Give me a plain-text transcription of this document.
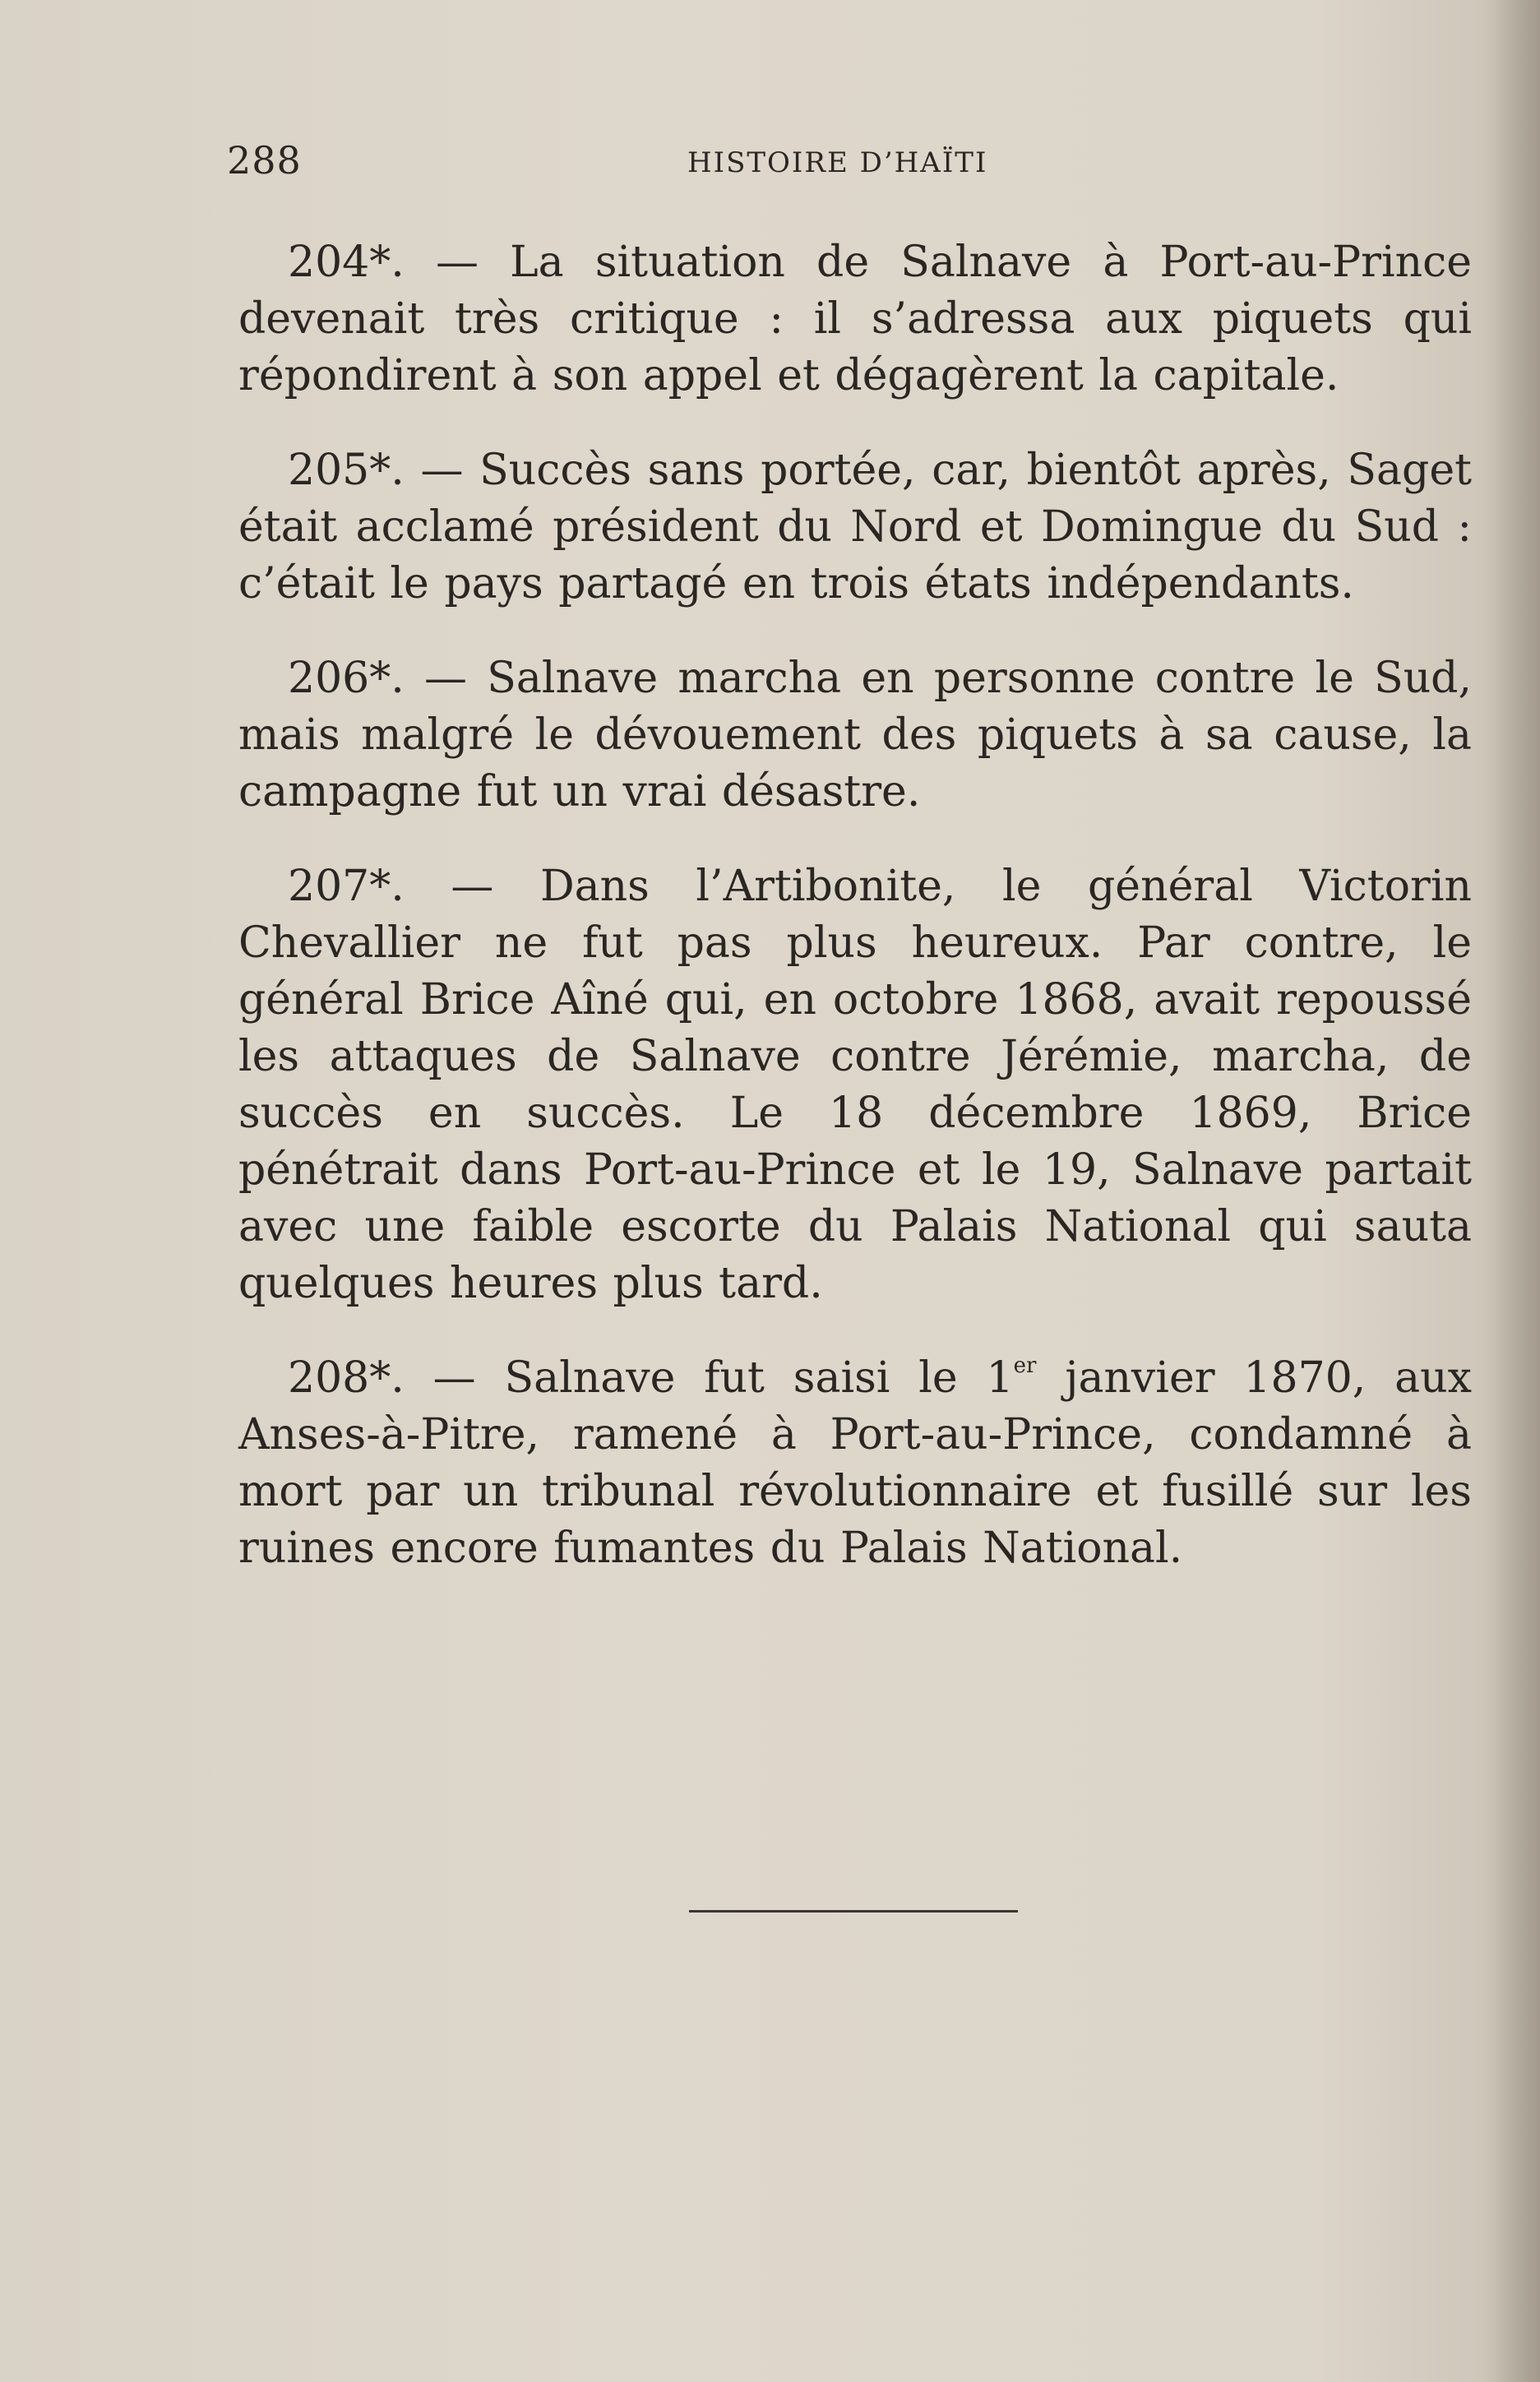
288	HISTOIRE D’HAÏTI

204*. — La situation de Salnave à Port-au-Prince devenait très critique : il s’adressa aux piquets qui répondirent à son appel et dégagèrent la capitale.

205*. — Succès sans portée, car, bientôt après, Saget était acclamé président du Nord et Domingue du Sud : c’était le pays partagé en trois états indépendants.

206*. — Salnave marcha en personne contre le Sud, mais malgré le dévouement des piquets à sa cause, la campagne fut un vrai désastre.

207*. — Dans l’Artibonite, le général Victorin Chevallier ne fut pas plus heureux. Par contre, le général Brice Aîné qui, en octobre 1868, avait repoussé les attaques de Salnave contre Jérémie, marcha, de succès en succès. Le 18 décembre 1869, Brice pénétrait dans Port-au-Prince et le 19, Salnave partait avec une faible escorte du Palais National qui sauta quelques heures plus tard.

208*. — Salnave fut saisi le 1er janvier 1870, aux Anses-à-Pitre, ramené à Port-au-Prince, condamné à mort par un tribunal révolutionnaire et fusillé sur les ruines encore fumantes du Palais National.
